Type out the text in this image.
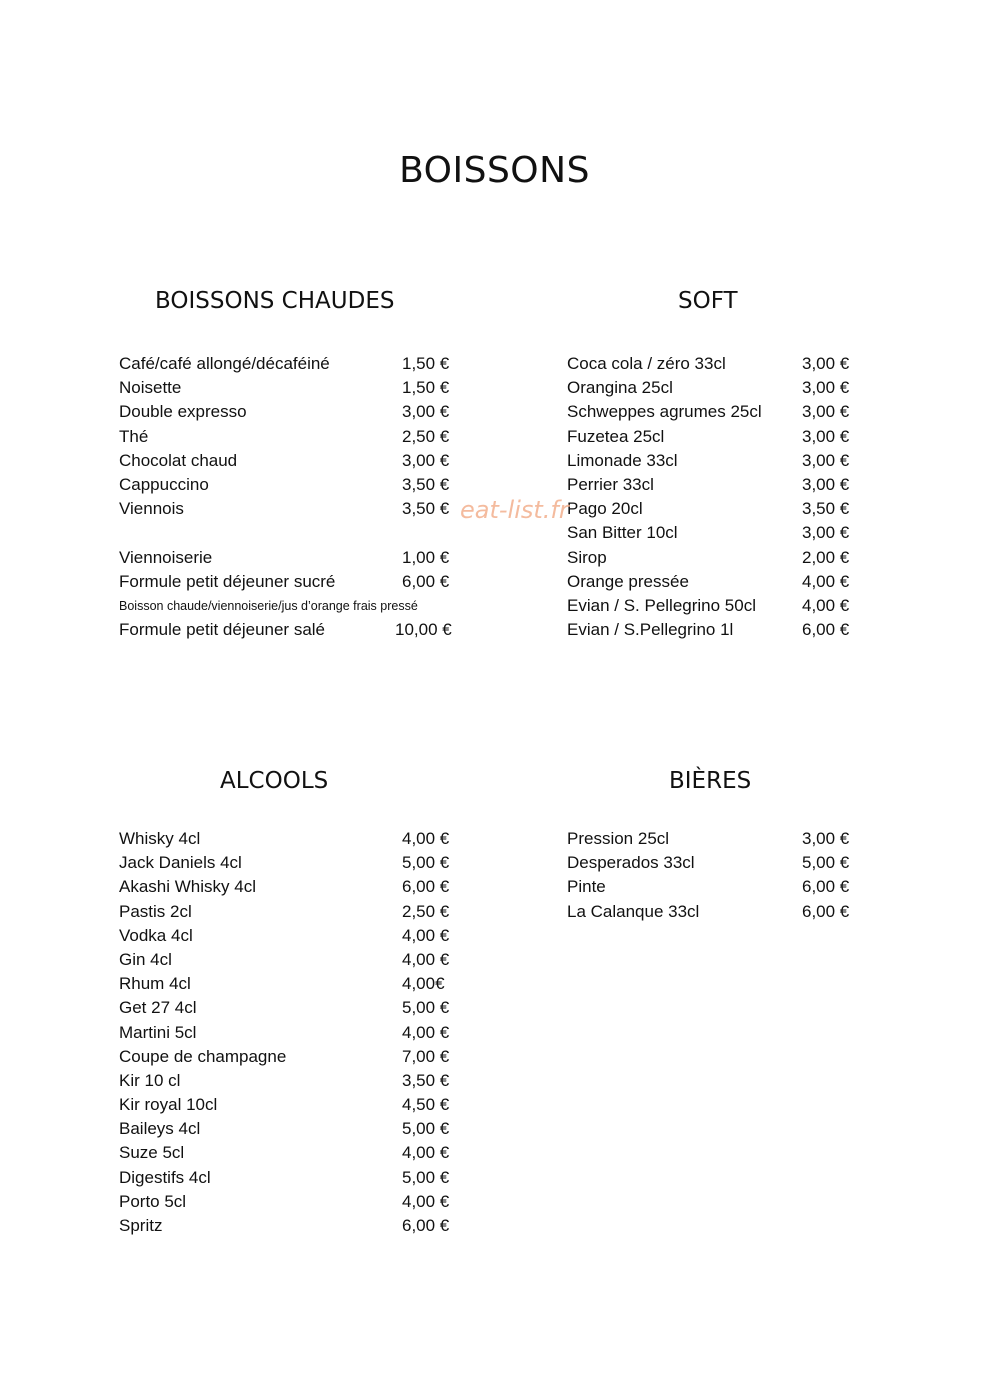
BOISSONS
BOISSONS CHAUDES
Café/café allongé/décaféiné	1,50 €
Noisette	1,50 €
Double expresso	3,00 €
Thé	2,50 €
Chocolat chaud	3,00 €
Cappuccino	3,50 €
Viennois	3,50 €
Viennoiserie	1,00 €
Formule petit déjeuner sucré	6,00 €
Boisson chaude/viennoiserie/jus d’orange frais pressé
Formule petit déjeuner salé	10,00 €
SOFT
Coca cola / zéro 33cl	3,00 €
Orangina 25cl	3,00 €
Schweppes agrumes 25cl 3,00 €
Fuzetea 25cl	3,00 €
Limonade 33cl	3,00 €
Perrier 33cl	3,00 €
Pago 20cl	3,50 €
San Bitter 10cl	3,00 €
Sirop	2,00 €
Orange pressée	4,00 €
Evian / S. Pellegrino 50cl	4,00 €
Evian / S.Pellegrino 1l	6,00 €
ALCOOLS
Whisky 4cl	4,00 €
Jack Daniels 4cl	5,00 €
Akashi Whisky 4cl	6,00 €
Pastis 2cl	2,50 €
Vodka 4cl	4,00 €
Gin 4cl	4,00 €
Rhum 4cl	4,00€
Get 27 4cl	5,00 €
Martini 5cl	4,00 €
Coupe de champagne	7,00 €
Kir 10 cl	3,50 €
Kir royal 10cl	4,50 €
Baileys 4cl	5,00 €
Suze 5cl	4,00 €
Digestifs 4cl	5,00 €
Porto 5cl	4,00 €
Spritz	6,00 €
BIÈRES
Pression 25cl	3,00 €
Desperados 33cl	5,00 €
Pinte	6,00 €
La Calanque 33cl	6,00 €
eat-list.fr
